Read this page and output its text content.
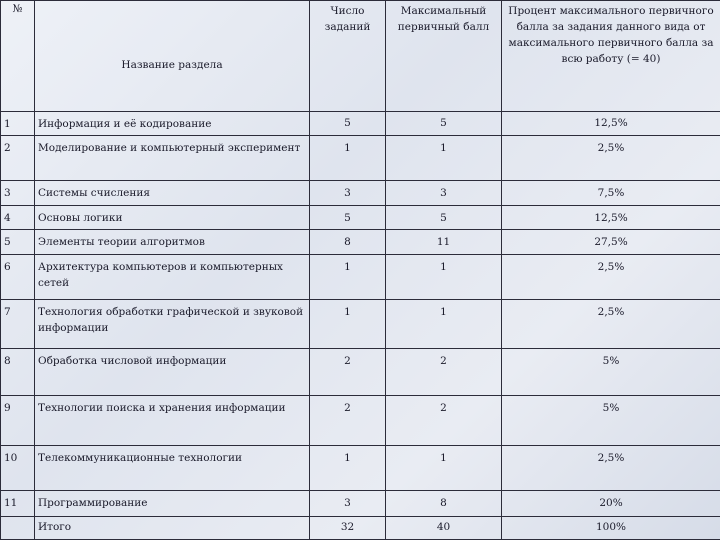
№	Название раздела	Число заданий	Максимальный первичный балл	Процент максимального первичного балла за задания данного вида от максимального первичного балла за всю работу (= 40)
1	Информация и её кодирование	5	5	12,5%
2	Моделирование и компьютерный эксперимент	1	1	2,5%
3	Системы счисления	3	3	7,5%
4	Основы логики	5	5	12,5%
5	Элементы теории алгоритмов	8	11	27,5%
6	Архитектура компьютеров и компьютерных сетей	1	1	2,5%
7	Технология обработки графической и звуковой информации	1	1	2,5%
8	Обработка числовой информации	2	2	5%
9	Технологии поиска и хранения информации	2	2	5%
10	Телекоммуникационные технологии	1	1	2,5%
11	Программирование	3	8	20%
	Итого	32	40	100%
